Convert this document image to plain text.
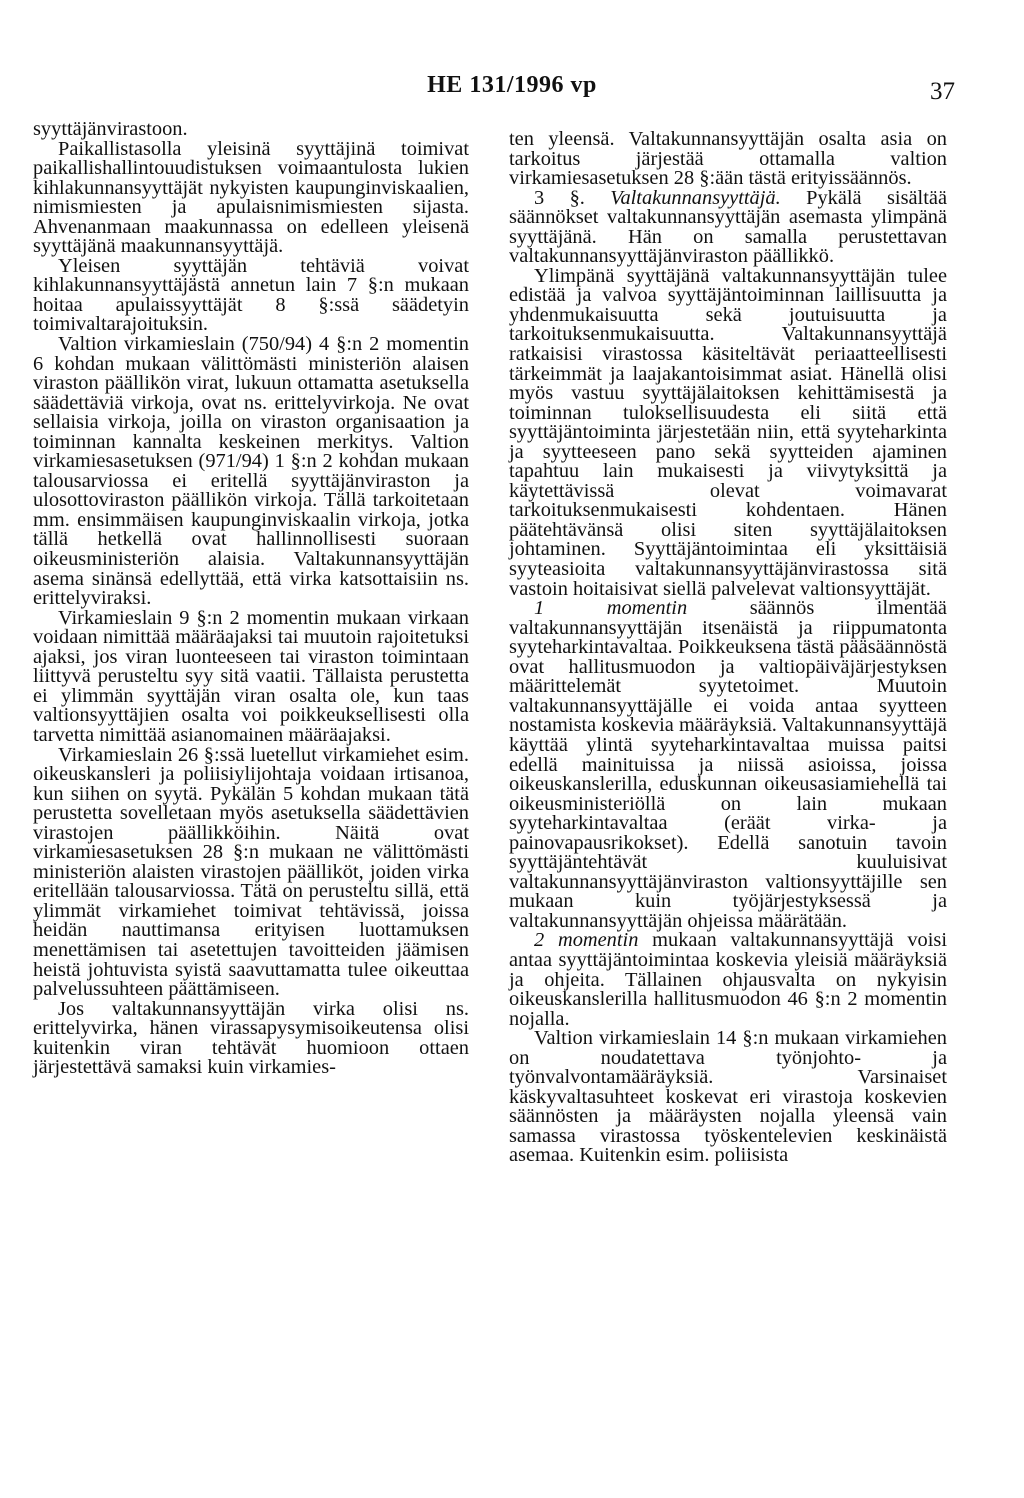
HE 131/1996 vp	37

syyttäjänvirastoon.

Paikallistasolla yleisinä syyttäjinä toimivat paikallishallintouudistuksen voimaantulosta lukien kihlakunnansyyttäjät nykyisten kaupunginviskaalien, nimismiesten ja apulaisnimismiesten sijasta. Ahvenanmaan maakunnassa on edelleen yleisenä syyttäjänä maakunnansyyttäjä.

Yleisen syyttäjän tehtäviä voivat kihlakunnansyyttäjästä annetun lain 7 §:n mukaan hoitaa apulaissyyttäjät 8 §:ssä säädetyin toimivaltarajoituksin.

Valtion virkamieslain (750/94) 4 §:n 2 momentin 6 kohdan mukaan välittömästi ministeriön alaisen viraston päällikön virat, lukuun ottamatta asetuksella säädettäviä virkoja, ovat ns. erittelyvirkoja. Ne ovat sellaisia virkoja, joilla on viraston organisaation ja toiminnan kannalta keskeinen merkitys. Valtion virkamiesasetuksen (971/94) 1 §:n 2 kohdan mukaan talousarviossa ei eritellä syyttäjänviraston ja ulosottoviraston päällikön virkoja. Tällä tarkoitetaan mm. ensimmäisen kaupunginviskaalin virkoja, jotka tällä hetkellä ovat hallinnollisesti suoraan oikeusministeriön alaisia. Valtakunnansyyttäjän asema sinänsä edellyttää, että virka katsottaisiin ns. erittelyviraksi.

Virkamieslain 9 §:n 2 momentin mukaan virkaan voidaan nimittää määräajaksi tai muutoin rajoitetuksi ajaksi, jos viran luonteeseen tai viraston toimintaan liittyvä perusteltu syy sitä vaatii. Tällaista perustetta ei ylimmän syyttäjän viran osalta ole, kun taas valtionsyyttäjien osalta voi poikkeuksellisesti olla tarvetta nimittää asianomainen määräajaksi.

Virkamieslain 26 §:ssä luetellut virkamiehet esim. oikeuskansleri ja poliisiylijohtaja voidaan irtisanoa, kun siihen on syytä. Pykälän 5 kohdan mukaan tätä perustetta sovelletaan myös asetuksella säädettävien virastojen päällikköihin. Näitä ovat virkamiesasetuksen 28 §:n mukaan ne välittömästi ministeriön alaisten virastojen päälliköt, joiden virka eritellään talousarviossa. Tätä on perusteltu sillä, että ylimmät virkamiehet toimivat tehtävissä, joissa heidän nauttimansa erityisen luottamuksen menettämisen tai asetettujen tavoitteiden jäämisen heistä johtuvista syistä saavuttamatta tulee oikeuttaa palvelussuhteen päättämiseen.

Jos valtakunnansyyttäjän virka olisi ns. erittelyvirka, hänen virassapysymisoikeutensa olisi kuitenkin viran tehtävät huomioon ottaen järjestettävä samaksi kuin virkamies-

ten yleensä. Valtakunnansyyttäjän osalta asia on tarkoitus järjestää ottamalla valtion virkamiesasetuksen 28 §:ään tästä erityissäännös.

3 §. Valtakunnansyyttäjä. Pykälä sisältää säännökset valtakunnansyyttäjän asemasta ylimpänä syyttäjänä. Hän on samalla perustettavan valtakunnansyyttäjänviraston päällikkö.

Ylimpänä syyttäjänä valtakunnansyyttäjän tulee edistää ja valvoa syyttäjäntoiminnan laillisuutta ja yhdenmukaisuutta sekä joutuisuutta ja tarkoituksenmukaisuutta. Valtakunnansyyttäjä ratkaisisi virastossa käsiteltävät periaatteellisesti tärkeimmät ja laajakantoisimmat asiat. Hänellä olisi myös vastuu syyttäjälaitoksen kehittämisestä ja toiminnan tuloksellisuudesta eli siitä että syyttäjäntoiminta järjestetään niin, että syyteharkinta ja syytteeseen pano sekä syytteiden ajaminen tapahtuu lain mukaisesti ja viivytyksittä ja käytettävissä olevat voimavarat tarkoituksenmukaisesti kohdentaen. Hänen päätehtävänsä olisi siten syyttäjälaitoksen johtaminen. Syyttäjäntoimintaa eli yksittäisiä syyteasioita valtakunnansyyttäjänvirastossa sitä vastoin hoitaisivat siellä palvelevat valtionsyyttäjät.

1 momentin säännös ilmentää valtakunnansyyttäjän itsenäistä ja riippumatonta syyteharkintavaltaa. Poikkeuksena tästä pääsäännöstä ovat hallitusmuodon ja valtiopäiväjärjestyksen määrittelemät syytetoimet. Muutoin valtakunnansyyttäjälle ei voida antaa syytteen nostamista koskevia määräyksiä. Valtakunnansyyttäjä käyttää ylintä syyteharkintavaltaa muissa paitsi edellä mainituissa ja niissä asioissa, joissa oikeuskanslerilla, eduskunnan oikeusasiamiehellä tai oikeusministeriöllä on lain mukaan syyteharkintavaltaa (eräät virka- ja painovapausrikokset). Edellä sanotuin tavoin syyttäjäntehtävät kuuluisivat valtakunnansyyttäjänviraston valtionsyyttäjille sen mukaan kuin työjärjestyksessä ja valtakunnansyyttäjän ohjeissa määrätään.

2 momentin mukaan valtakunnansyyttäjä voisi antaa syyttäjäntoimintaa koskevia yleisiä määräyksiä ja ohjeita. Tällainen ohjausvalta on nykyisin oikeuskanslerilla hallitusmuodon 46 §:n 2 momentin nojalla.

Valtion virkamieslain 14 §:n mukaan virkamiehen on noudatettava työnjohto- ja työnvalvontamääräyksiä. Varsinaiset käskyvaltasuhteet koskevat eri virastoja koskevien säännösten ja määräysten nojalla yleensä vain samassa virastossa työskentelevien keskinäistä asemaa. Kuitenkin esim. poliisista
